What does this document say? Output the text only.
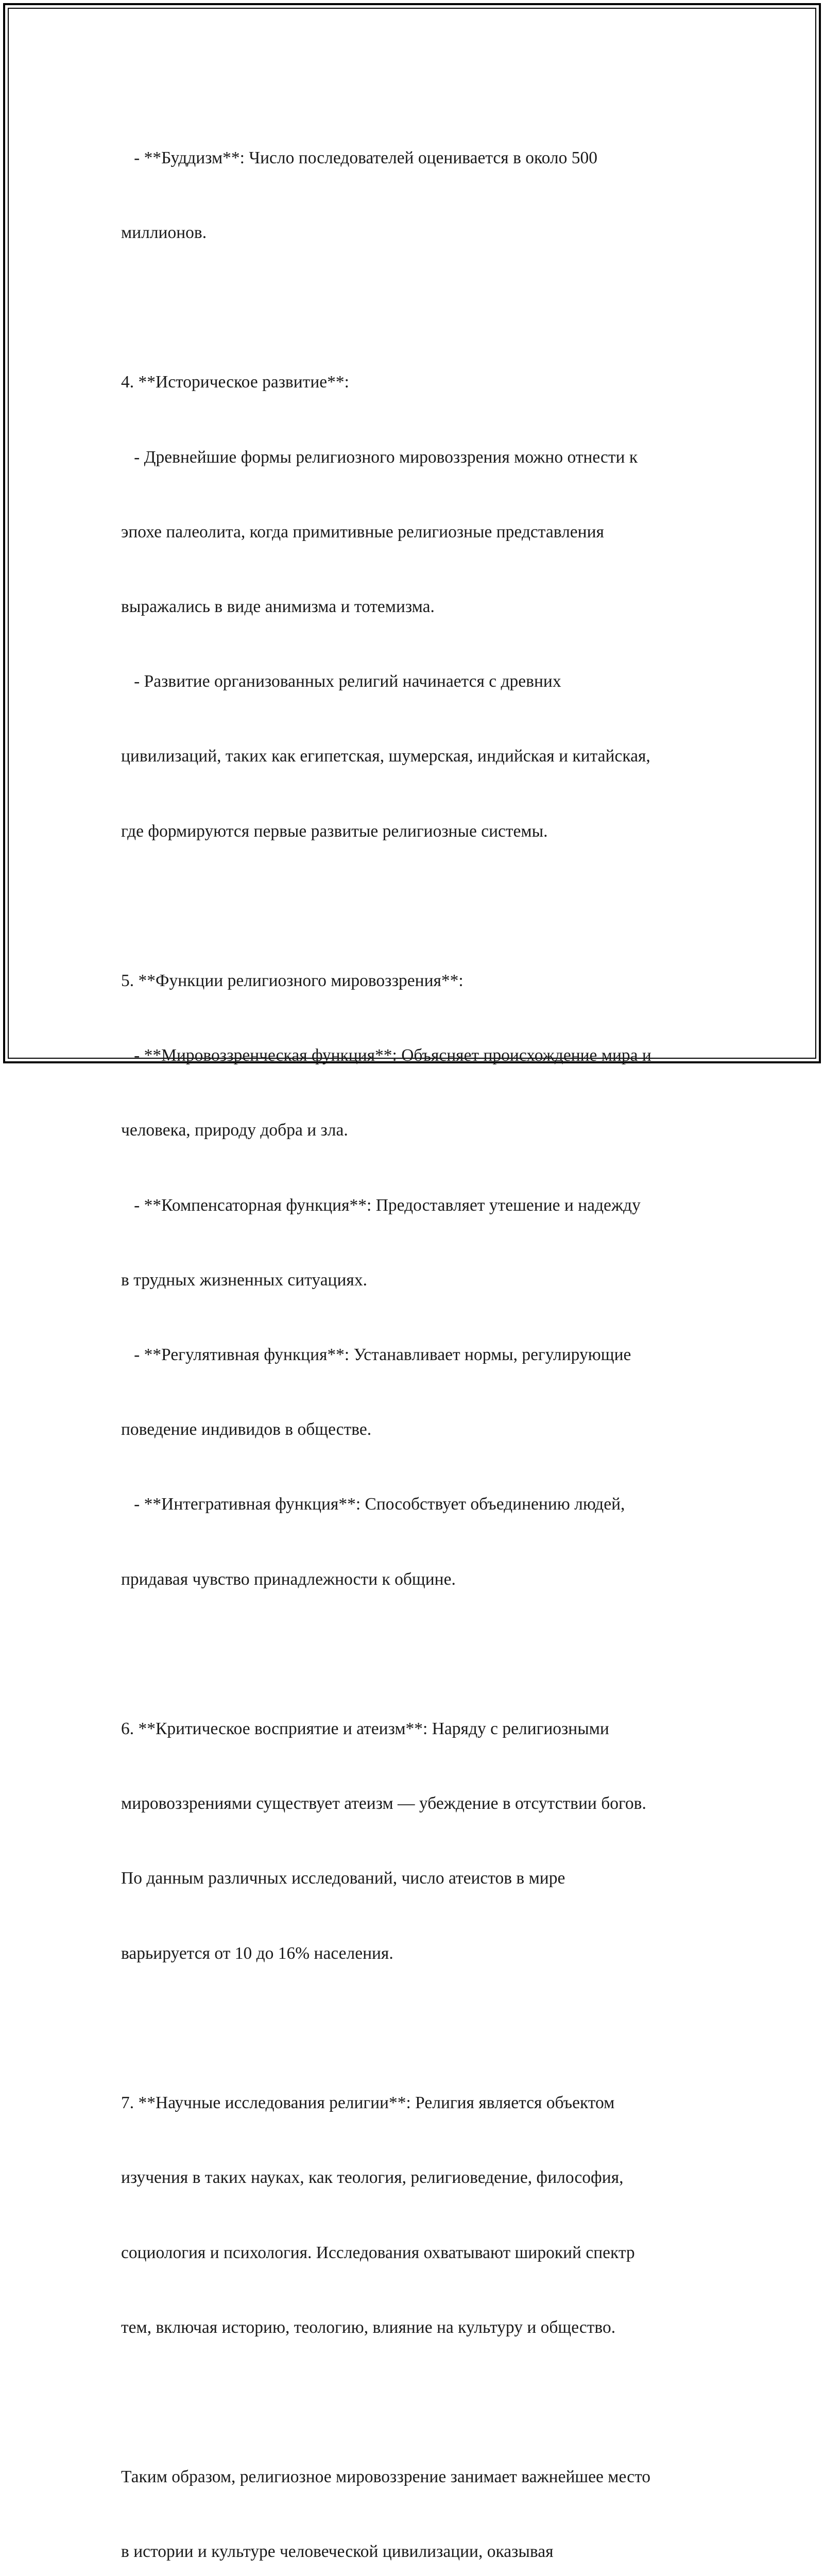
- **Буддизм**: Число последователей оценивается в около 500

миллионов.

4. **Историческое развитие**:

- Древнейшие формы религиозного мировоззрения можно отнести к

эпохе палеолита, когда примитивные религиозные представления

выражались в виде анимизма и тотемизма.

- Развитие организованных религий начинается с древних

цивилизаций, таких как египетская, шумерская, индийская и китайская,

где формируются первые развитые религиозные системы.

5. **Функции религиозного мировоззрения**:

- **Мировоззренческая функция**: Объясняет происхождение мира и

человека, природу добра и зла.

- **Компенсаторная функция**: Предоставляет утешение и надежду

в трудных жизненных ситуациях.

- **Регулятивная функция**: Устанавливает нормы, регулирующие

поведение индивидов в обществе.

- **Интегративная функция**: Способствует объединению людей,

придавая чувство принадлежности к общине.

6. **Критическое восприятие и атеизм**: Наряду с религиозными

мировоззрениями существует атеизм — убеждение в отсутствии богов.

По данным различных исследований, число атеистов в мире

варьируется от 10 до 16% населения.

7. **Научные исследования религии**: Религия является объектом

изучения в таких науках, как теология, религиоведение, философия,

социология и психология. Исследования охватывают широкий спектр

тем, включая историю, теологию, влияние на культуру и общество.

Таким образом, религиозное мировоззрение занимает важнейшее место

в истории и культуре человеческой цивилизации, оказывая
